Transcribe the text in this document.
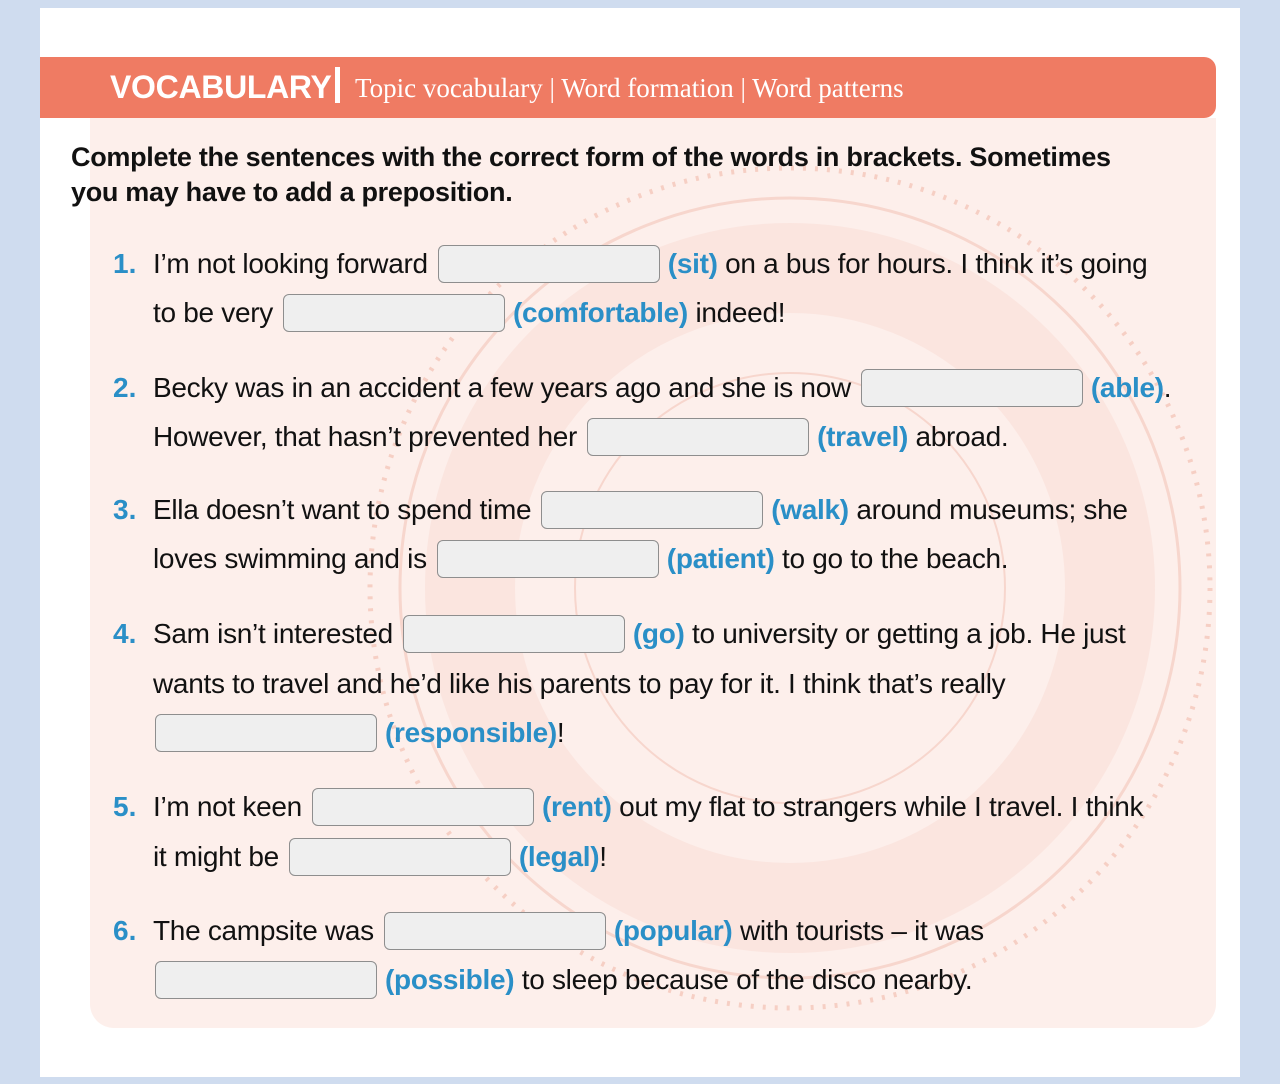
VOCABULARY Topic vocabulary | Word formation | Word patterns
Complete the sentences with the correct form of the words in brackets. Sometimes you may have to add a preposition.
1. I’m not looking forward	(sit)
on a bus for hours. I think it’s going
to be very	(comfortable)
indeed!
2. Becky was in an accident a few years ago and she is now	(able) .
However, that hasn’t prevented her	(travel)
abroad.
3. Ella doesn’t want to spend time	(walk)
around museums; she
loves swimming and is	(patient)
to go to the beach.
4. Sam isn’t interested	(go)
to university or getting a job. He just
wants to travel and he’d like his parents to pay for it. I think that’s really
(responsible) !
5. I’m not keen	(rent)
out my flat to strangers while I travel. I think
it might be	(legal) !
6. The campsite was	(popular)
with tourists – it was
(possible)
to sleep because of the disco nearby.
